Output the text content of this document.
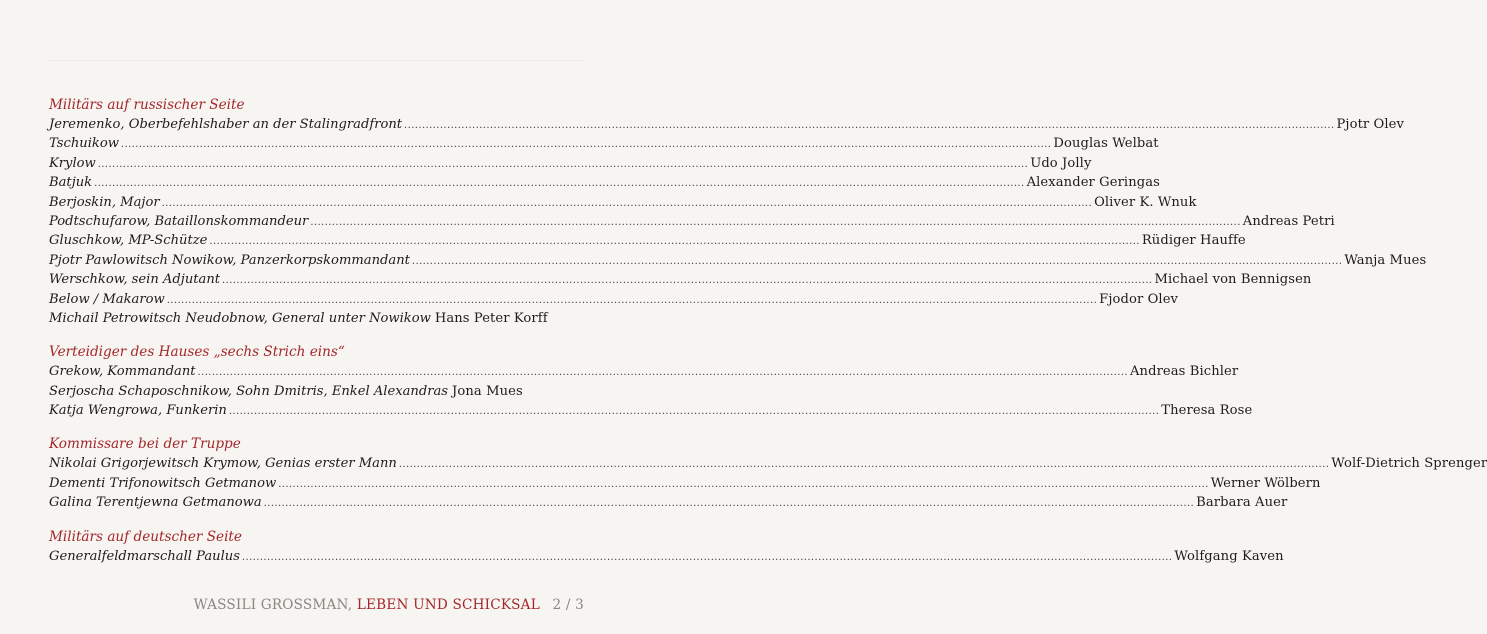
Militärs auf russischer Seite
Jeremenko, Oberbefehlshaber an der Stalingradfront .................................................................................................................................................................................................................................................................... Pjotr Olev
Tschuikow .................................................................................................................................................................................................................................................................... Douglas Welbat
Krylow .................................................................................................................................................................................................................................................................... Udo Jolly
Batjuk .................................................................................................................................................................................................................................................................... Alexander Geringas
Berjoskin, Major .................................................................................................................................................................................................................................................................... Oliver K. Wnuk
Podtschufarow, Bataillonskommandeur .................................................................................................................................................................................................................................................................... Andreas Petri
Gluschkow, MP-Schütze .................................................................................................................................................................................................................................................................... Rüdiger Hauffe
Pjotr Pawlowitsch Nowikow, Panzerkorpskommandant .................................................................................................................................................................................................................................................................... Wanja Mues
Werschkow, sein Adjutant .................................................................................................................................................................................................................................................................... Michael von Bennigsen
Below / Makarow .................................................................................................................................................................................................................................................................... Fjodor Olev
Michail Petrowitsch Neudobnow, General unter Nowikow Hans Peter Korff
Verteidiger des Hauses „sechs Strich eins“
Grekow, Kommandant .................................................................................................................................................................................................................................................................... Andreas Bichler
Serjoscha Schaposchnikow, Sohn Dmitris, Enkel Alexandras Jona Mues
Katja Wengrowa, Funkerin .................................................................................................................................................................................................................................................................... Theresa Rose
Kommissare bei der Truppe
Nikolai Grigorjewitsch Krymow, Genias erster Mann .................................................................................................................................................................................................................................................................... Wolf-Dietrich Sprenger
Dementi Trifonowitsch Getmanow .................................................................................................................................................................................................................................................................... Werner Wölbern
Galina Terentjewna Getmanowa .................................................................................................................................................................................................................................................................... Barbara Auer
Militärs auf deutscher Seite
Generalfeldmarschall Paulus .................................................................................................................................................................................................................................................................... Wolfgang Kaven
WASSILI GROSSMAN, LEBEN UND SCHICKSAL 2 / 3
